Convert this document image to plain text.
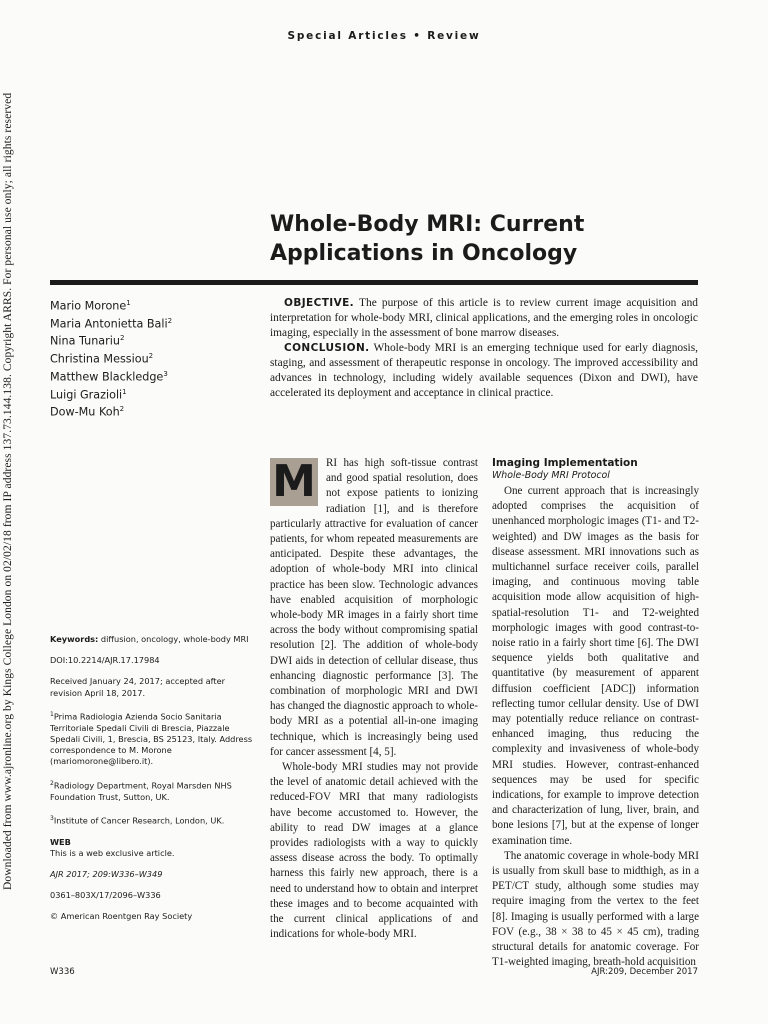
Special Articles • Review
Downloaded from www.ajronline.org by Kings College London on 02/02/18 from IP address 137.73.144.138. Copyright ARRS. For personal use only; all rights reserved	Whole-Body MRI: Current Applications in Oncology
Mario Morone$^1$
Maria Antonietta Bali$^2$
Nina Tunariu$^2$
Christina Messiou$^2$
Matthew Blackledge$^3$
Luigi Grazioli$^1$
Dow-Mu Koh$^2$

OBJECTIVE. The purpose of this article is to review current image acquisition and interpretation for whole-body MRI, clinical applications, and the emerging roles in oncologic imaging, especially in the assessment of bone marrow diseases.

CONCLUSION. Whole-body MRI is an emerging technique used for early diagnosis, staging, and assessment of therapeutic response in oncology. The improved accessibility and advances in technology, including widely available sequences (Dixon and DWI), have accelerated its deployment and acceptance in clinical practice.

Keywords: diffusion, oncology, whole-body MRI

DOI:10.2214/AJR.17.17984

Received January 24, 2017; accepted after revision April 18, 2017.

$^1$Prima Radiologia Azienda Socio Sanitaria Territoriale Spedali Civili di Brescia, Piazzale Spedali Civili, 1, Brescia, BS 25123, Italy. Address correspondence to M. Morone (mariomorone@libero.it).

$^2$Radiology Department, Royal Marsden NHS Foundation Trust, Sutton, UK.

$^3$Institute of Cancer Research, London, UK.

WEB
This is a web exclusive article.

AJR 2017; 209:W336–W349

0361–803X/17/2096–W336

© American Roentgen Ray Society

M RI has high soft-tissue contrast and good spatial resolution, does not expose patients to ionizing radiation [1], and is therefore particularly attractive for evaluation of cancer patients, for whom repeated measurements are anticipated. Despite these advantages, the adoption of whole-body MRI into clinical practice has been slow. Technologic advances have enabled acquisition of morphologic whole-body MR images in a fairly short time across the body without compromising spatial resolution [2]. The addition of whole-body DWI aids in detection of cellular disease, thus enhancing diagnostic performance [3]. The combination of morphologic MRI and DWI has changed the diagnostic approach to whole-body MRI as a potential all-in-one imaging technique, which is increasingly being used for cancer assessment [4, 5].

Whole-body MRI studies may not provide the level of anatomic detail achieved with the reduced-FOV MRI that many radiologists have become accustomed to. However, the ability to read DW images at a glance provides radiologists with a way to quickly assess disease across the body. To optimally harness this fairly new approach, there is a need to understand how to obtain and interpret these images and to become acquainted with the current clinical applications of and indications for whole-body MRI.

Imaging Implementation
Whole-Body MRI Protocol

One current approach that is increasingly adopted comprises the acquisition of unenhanced morphologic images (T1- and T2-weighted) and DW images as the basis for disease assessment. MRI innovations such as multichannel surface receiver coils, parallel imaging, and continuous moving table acquisition mode allow acquisition of high-spatial-resolution T1- and T2-weighted morphologic images with good contrast-to-noise ratio in a fairly short time [6]. The DWI sequence yields both qualitative and quantitative (by measurement of apparent diffusion coefficient [ADC]) information reflecting tumor cellular density. Use of DWI may potentially reduce reliance on contrast-enhanced imaging, thus reducing the complexity and invasiveness of whole-body MRI studies. However, contrast-enhanced sequences may be used for specific indications, for example to improve detection and characterization of lung, liver, brain, and bone lesions [7], but at the expense of longer examination time.

The anatomic coverage in whole-body MRI is usually from skull base to midthigh, as in a PET/CT study, although some studies may require imaging from the vertex to the feet [8]. Imaging is usually performed with a large FOV (e.g., 38 × 38 to 45 × 45 cm), trading structural details for anatomic coverage. For T1-weighted imaging, breath-hold acquisition

W336	AJR:209, December 2017
